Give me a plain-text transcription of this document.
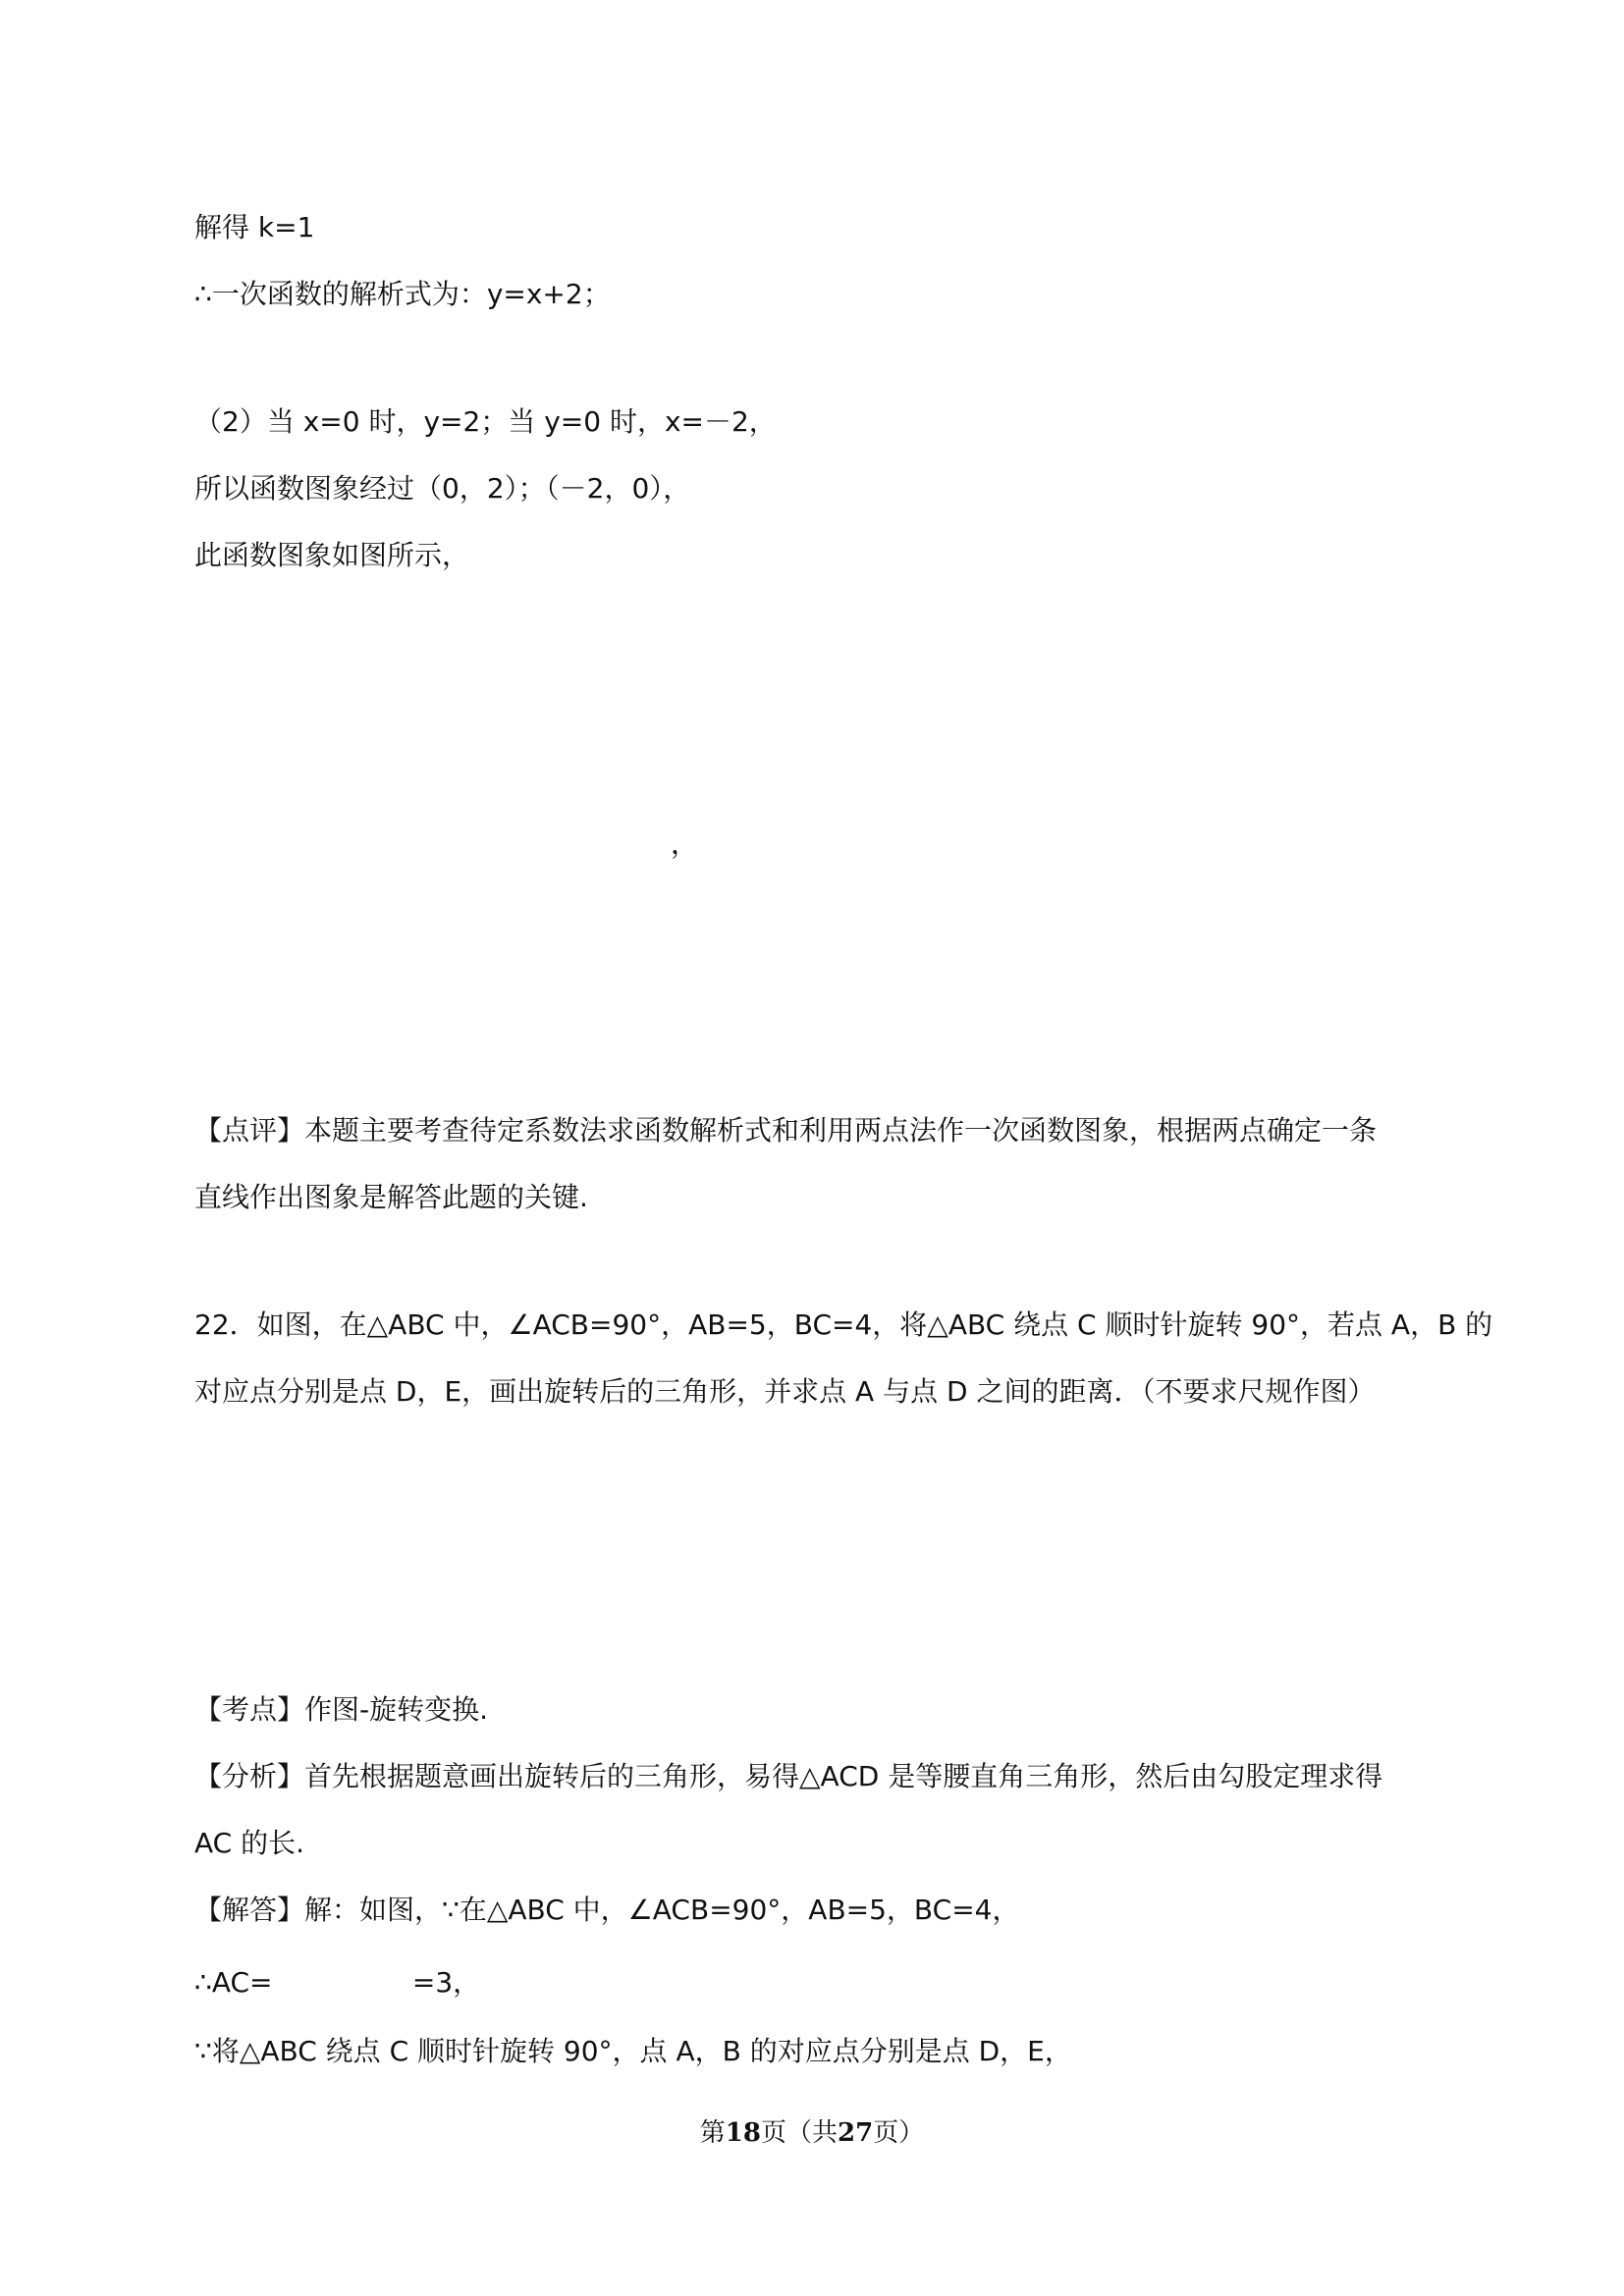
解得 k=1
∴一次函数的解析式为：y=x+2；
（2）当 x=0 时，y=2；当 y=0 时，x=－2，
所以函数图象经过（0，2）；（－2，0），
此函数图象如图所示，
，
【点评】本题主要考查待定系数法求函数解析式和利用两点法作一次函数图象，根据两点确定一条
直线作出图象是解答此题的关键.
22．如图，在△ABC 中，∠ACB=90°，AB=5，BC=4，将△ABC 绕点 C 顺时针旋转 90°，若点 A，B 的
对应点分别是点 D，E，画出旋转后的三角形，并求点 A 与点 D 之间的距离．（不要求尺规作图）
【考点】作图-旋转变换.
【分析】首先根据题意画出旋转后的三角形，易得△ACD 是等腰直角三角形，然后由勾股定理求得
AC 的长.
【解答】解：如图，∵在△ABC 中，∠ACB=90°，AB=5，BC=4，
∴AC=                =3，
∵将△ABC 绕点 C 顺时针旋转 90°，点 A，B 的对应点分别是点 D，E，
第18页（共27页）
